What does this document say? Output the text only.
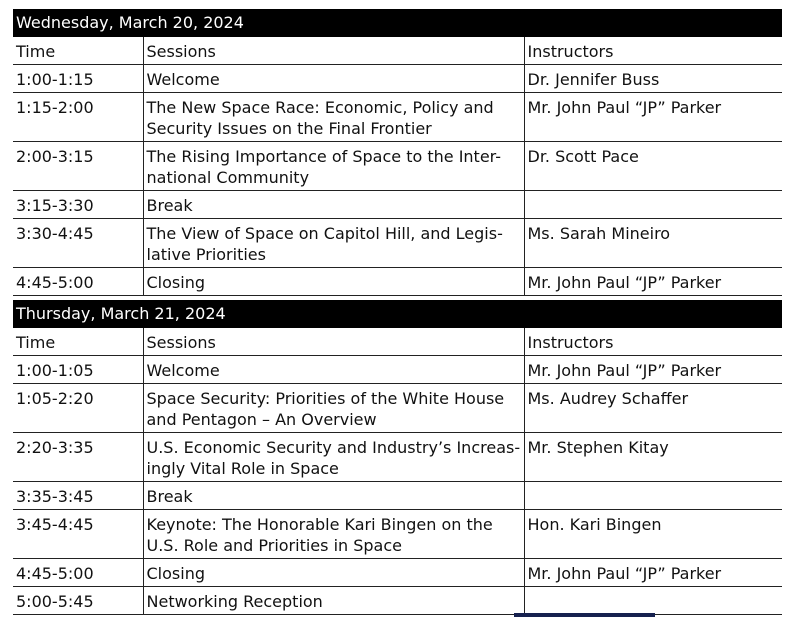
Wednesday, March 20, 2024
Time	Sessions	Instructors
1:00-1:15	Welcome	Dr. Jennifer Buss
1:15-2:00	The New Space Race: Economic, Policy and Security Issues on the Final Frontier	Mr. John Paul “JP” Parker
2:00-3:15	The Rising Importance of Space to the Inter-national Community	Dr. Scott Pace
3:15-3:30	Break	
3:30-4:45	The View of Space on Capitol Hill, and Legis-lative Priorities	Ms. Sarah Mineiro
4:45-5:00	Closing	Mr. John Paul “JP” Parker
Thursday, March 21, 2024
Time	Sessions	Instructors
1:00-1:05	Welcome	Mr. John Paul “JP” Parker
1:05-2:20	Space Security: Priorities of the White House and Pentagon – An Overview	Ms. Audrey Schaffer
2:20-3:35	U.S. Economic Security and Industry’s Increas-ingly Vital Role in Space	Mr. Stephen Kitay
3:35-3:45	Break	
3:45-4:45	Keynote: The Honorable Kari Bingen on the U.S. Role and Priorities in Space	Hon. Kari Bingen
4:45-5:00	Closing	Mr. John Paul “JP” Parker
5:00-5:45	Networking Reception	
